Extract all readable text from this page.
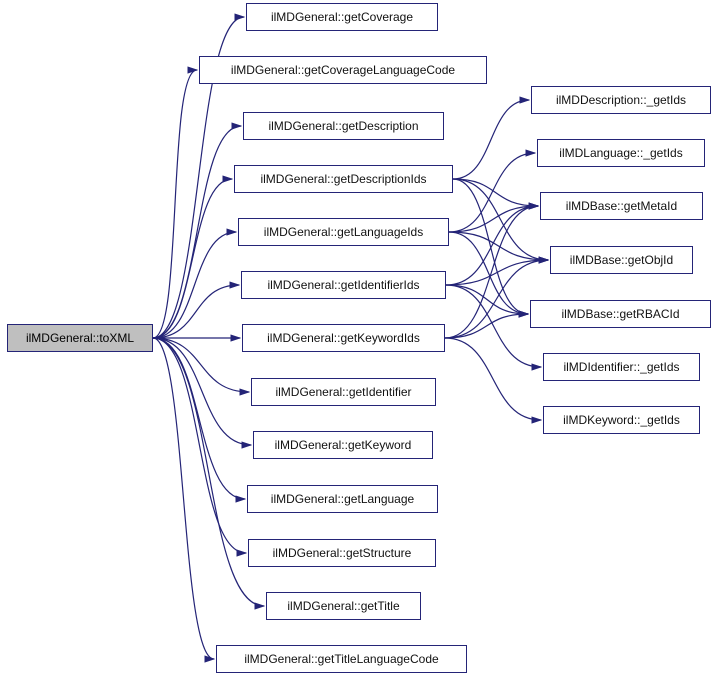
ilMDGeneral::toXML
ilMDGeneral::getCoverage
ilMDGeneral::getCoverageLanguageCode
ilMDGeneral::getDescription
ilMDGeneral::getDescriptionIds
ilMDGeneral::getLanguageIds
ilMDGeneral::getIdentifierIds
ilMDGeneral::getKeywordIds
ilMDGeneral::getIdentifier
ilMDGeneral::getKeyword
ilMDGeneral::getLanguage
ilMDGeneral::getStructure
ilMDGeneral::getTitle
ilMDGeneral::getTitleLanguageCode
ilMDDescription::_getIds
ilMDLanguage::_getIds
ilMDBase::getMetaId
ilMDBase::getObjId
ilMDBase::getRBACId
ilMDIdentifier::_getIds
ilMDKeyword::_getIds
